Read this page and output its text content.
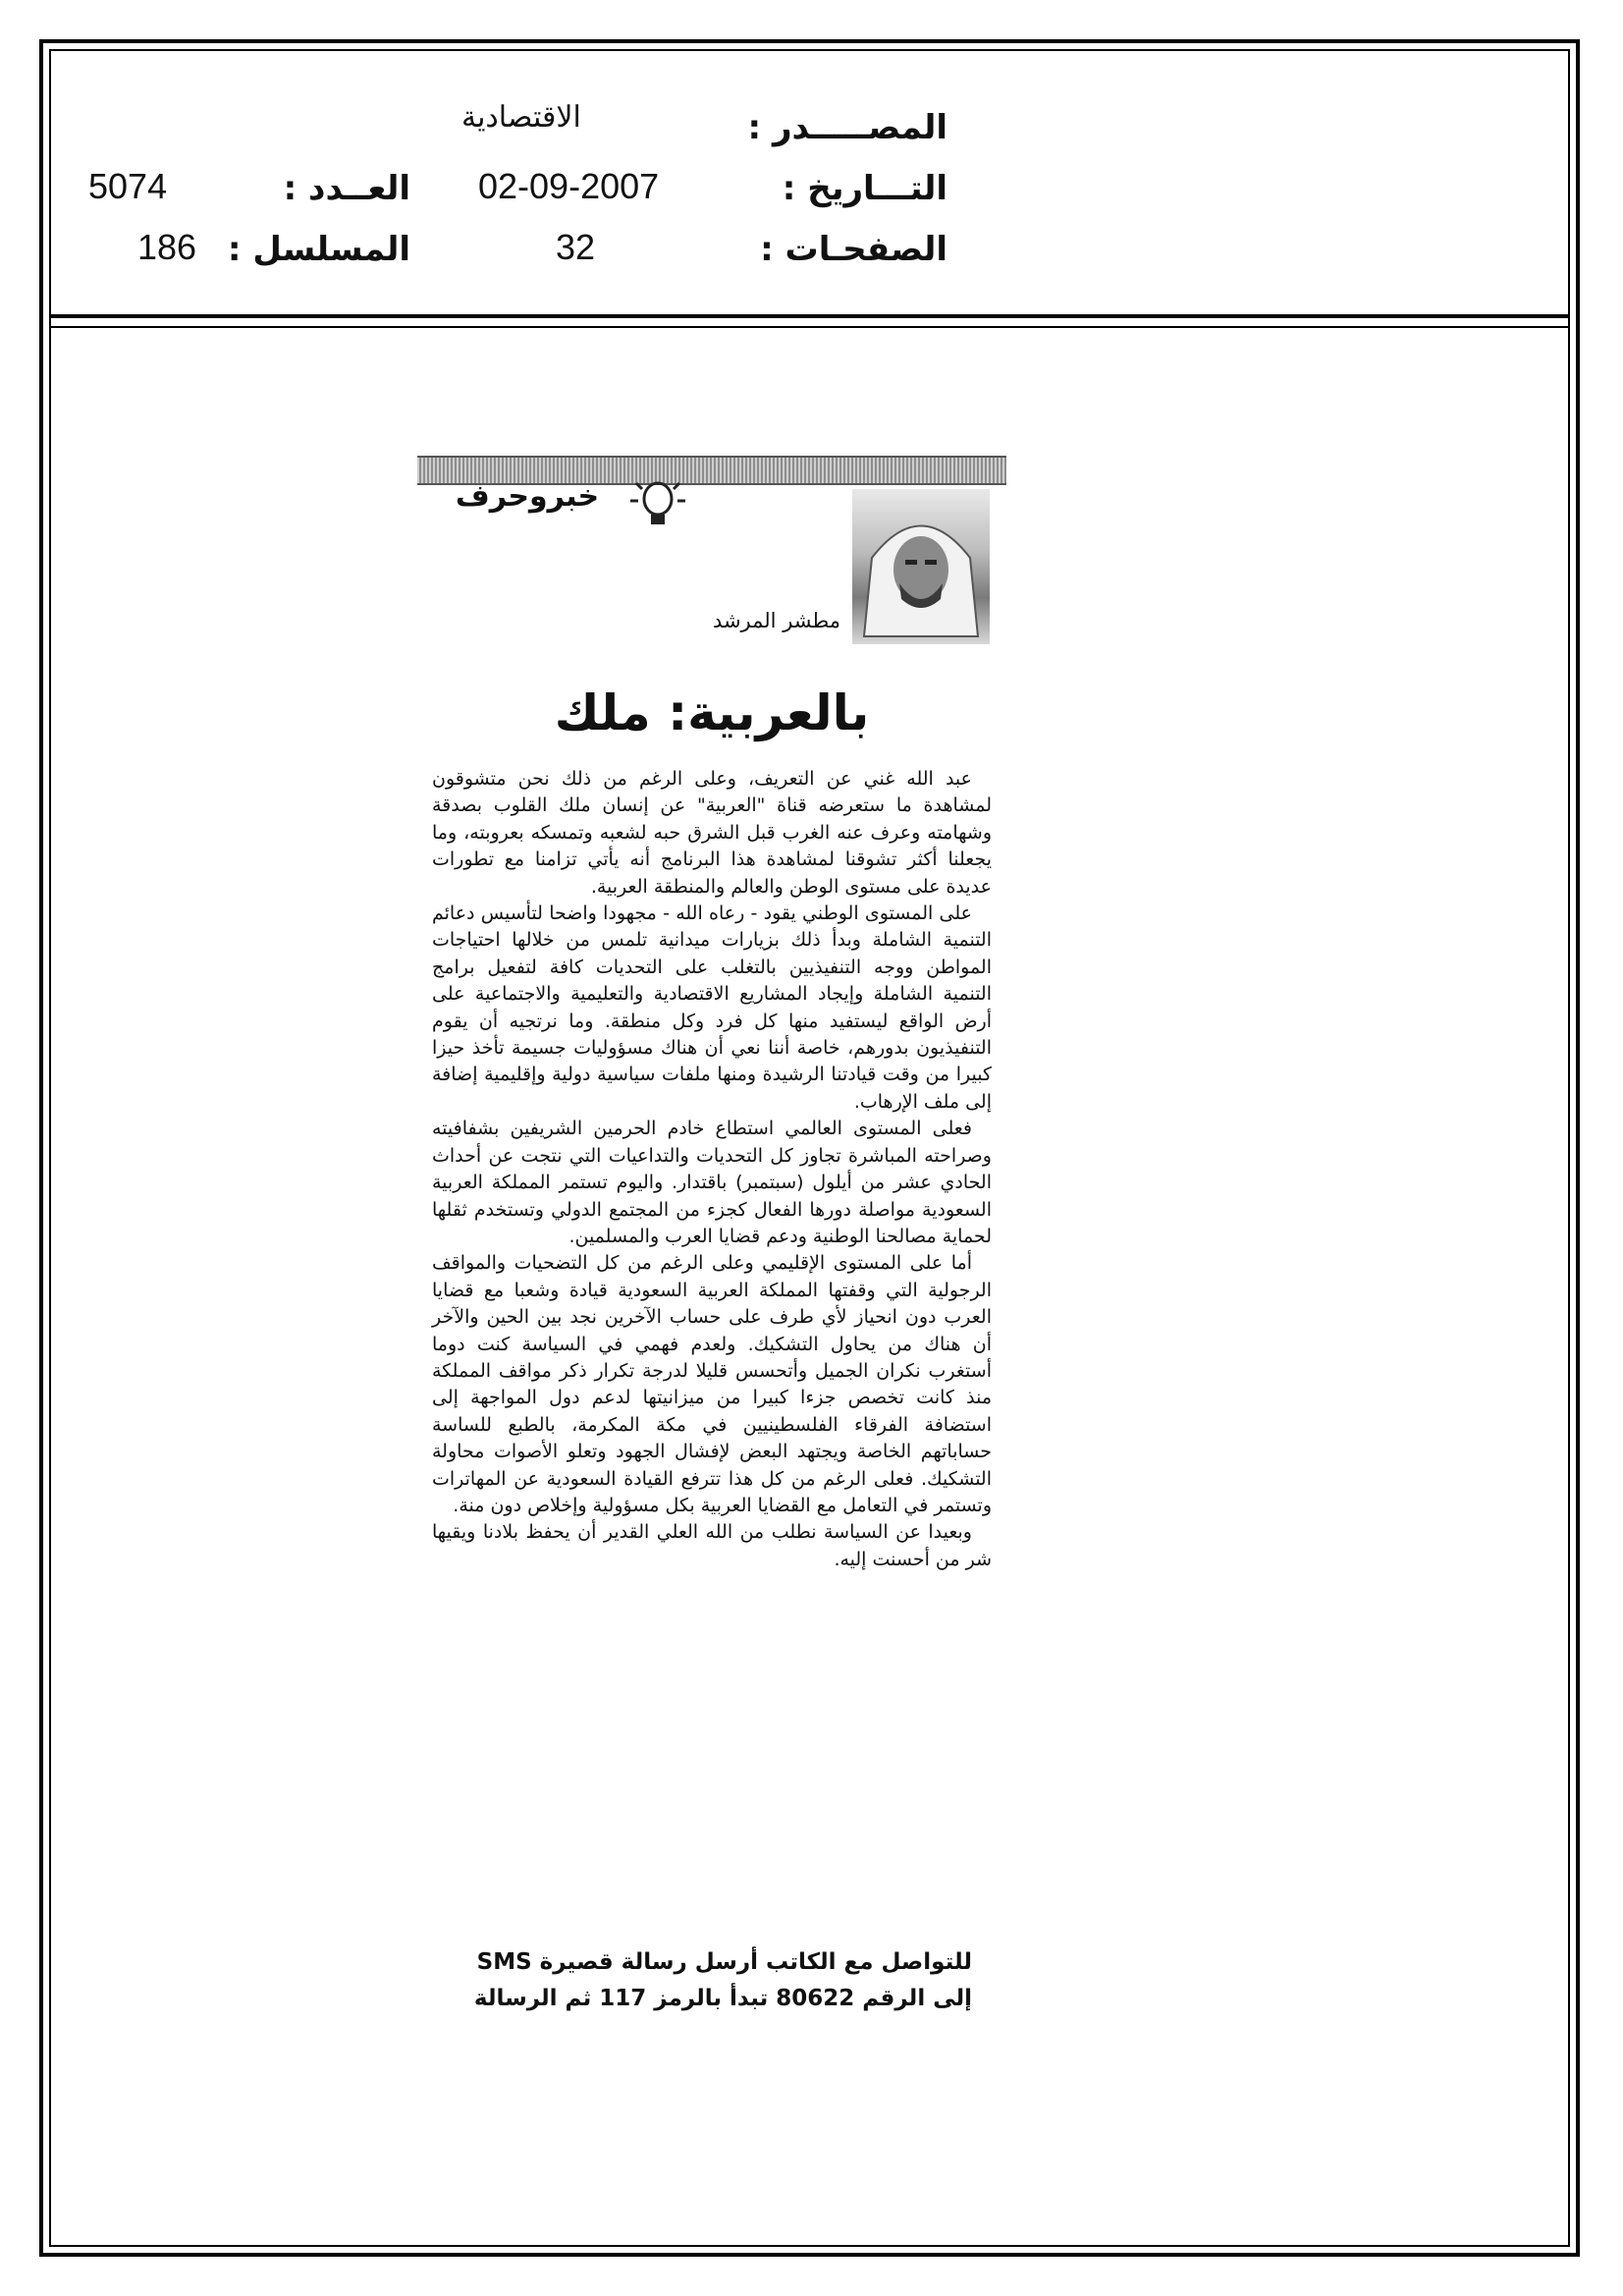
المصـــــدر :
الاقتصادية
التـــاريخ :
02-09-2007
الصفحـات :
32
العــدد :
5074
المسلسل :
186
خبروحرف
مطشر المرشد
بالعربية: ملك

عبد الله غني عن التعريف، وعلى الرغم من ذلك نحن متشوقون لمشاهدة ما ستعرضه قناة "العربية" عن إنسان ملك القلوب بصدقة وشهامته وعرف عنه الغرب قبل الشرق حبه لشعبه وتمسكه بعروبته، وما يجعلنا أكثر تشوقنا لمشاهدة هذا البرنامج أنه يأتي تزامنا مع تطورات عديدة على مستوى الوطن والعالم والمنطقة العربية.

على المستوى الوطني يقود - رعاه الله - مجهودا واضحا لتأسيس دعائم التنمية الشاملة وبدأ ذلك بزيارات ميدانية تلمس من خلالها احتياجات المواطن ووجه التنفيذيين بالتغلب على التحديات كافة لتفعيل برامج التنمية الشاملة وإيجاد المشاريع الاقتصادية والتعليمية والاجتماعية على أرض الواقع ليستفيد منها كل فرد وكل منطقة. وما نرتجيه أن يقوم التنفيذيون بدورهم، خاصة أننا نعي أن هناك مسؤوليات جسيمة تأخذ حيزا كبيرا من وقت قيادتنا الرشيدة ومنها ملفات سياسية دولية وإقليمية إضافة إلى ملف الإرهاب.

فعلى المستوى العالمي استطاع خادم الحرمين الشريفين بشفافيته وصراحته المباشرة تجاوز كل التحديات والتداعيات التي نتجت عن أحداث الحادي عشر من أيلول (سبتمبر) باقتدار. واليوم تستمر المملكة العربية السعودية مواصلة دورها الفعال كجزء من المجتمع الدولي وتستخدم ثقلها لحماية مصالحنا الوطنية ودعم قضايا العرب والمسلمين.

أما على المستوى الإقليمي وعلى الرغم من كل التضحيات والمواقف الرجولية التي وقفتها المملكة العربية السعودية قيادة وشعبا مع قضايا العرب دون انحياز لأي طرف على حساب الآخرين نجد بين الحين والآخر أن هناك من يحاول التشكيك. ولعدم فهمي في السياسة كنت دوما أستغرب نكران الجميل وأتحسس قليلا لدرجة تكرار ذكر مواقف المملكة منذ كانت تخصص جزءا كبيرا من ميزانيتها لدعم دول المواجهة إلى استضافة الفرقاء الفلسطينيين في مكة المكرمة، بالطبع للساسة حساباتهم الخاصة ويجتهد البعض لإفشال الجهود وتعلو الأصوات محاولة التشكيك. فعلى الرغم من كل هذا تترفع القيادة السعودية عن المهاترات وتستمر في التعامل مع القضايا العربية بكل مسؤولية وإخلاص دون منة.

وبعيدا عن السياسة نطلب من الله العلي القدير أن يحفظ بلادنا ويقيها شر من أحسنت إليه.

للتواصل مع الكاتب أرسل رسالة قصيرة SMS
إلى الرقم 80622 تبدأ بالرمز 117 ثم الرسالة
